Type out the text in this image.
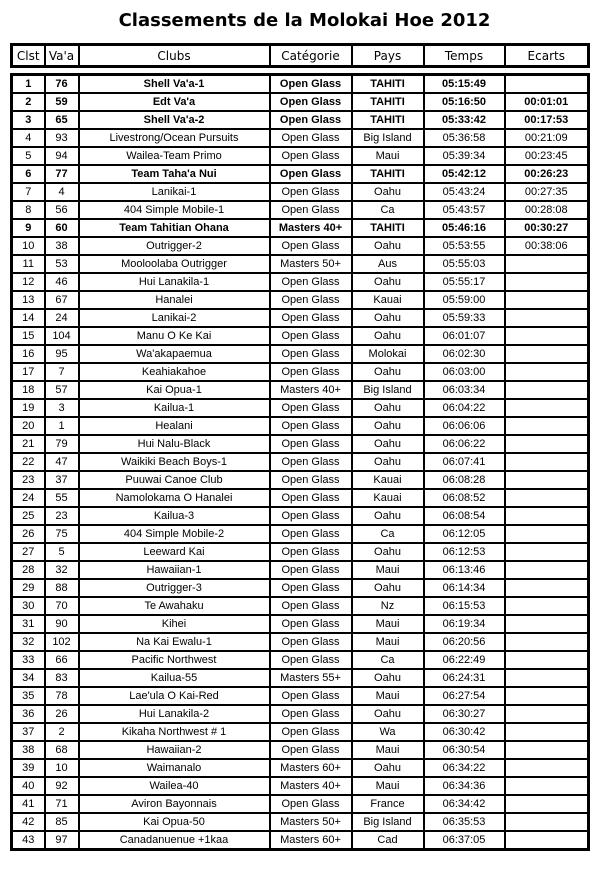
Classements de la Molokai Hoe 2012
Clst	Va'a	Clubs	Catégorie	Pays	Temps	Ecarts
1	76	Shell Va'a-1	Open Glass	TAHITI	05:15:49	
2	59	Edt Va'a	Open Glass	TAHITI	05:16:50	00:01:01
3	65	Shell Va'a-2	Open Glass	TAHITI	05:33:42	00:17:53
4	93	Livestrong/Ocean Pursuits	Open Glass	Big Island	05:36:58	00:21:09
5	94	Wailea-Team Primo	Open Glass	Maui	05:39:34	00:23:45
6	77	Team Taha'a Nui	Open Glass	TAHITI	05:42:12	00:26:23
7	4	Lanikai-1	Open Glass	Oahu	05:43:24	00:27:35
8	56	404 Simple Mobile-1	Open Glass	Ca	05:43:57	00:28:08
9	60	Team Tahitian Ohana	Masters 40+	TAHITI	05:46:16	00:30:27
10	38	Outrigger-2	Open Glass	Oahu	05:53:55	00:38:06
11	53	Mooloolaba Outrigger	Masters 50+	Aus	05:55:03	
12	46	Hui Lanakila-1	Open Glass	Oahu	05:55:17	
13	67	Hanalei	Open Glass	Kauai	05:59:00	
14	24	Lanikai-2	Open Glass	Oahu	05:59:33	
15	104	Manu O Ke Kai	Open Glass	Oahu	06:01:07	
16	95	Wa'akapaemua	Open Glass	Molokai	06:02:30	
17	7	Keahiakahoe	Open Glass	Oahu	06:03:00	
18	57	Kai Opua-1	Masters 40+	Big Island	06:03:34	
19	3	Kailua-1	Open Glass	Oahu	06:04:22	
20	1	Healani	Open Glass	Oahu	06:06:06	
21	79	Hui Nalu-Black	Open Glass	Oahu	06:06:22	
22	47	Waikiki Beach Boys-1	Open Glass	Oahu	06:07:41	
23	37	Puuwai Canoe Club	Open Glass	Kauai	06:08:28	
24	55	Namolokama O Hanalei	Open Glass	Kauai	06:08:52	
25	23	Kailua-3	Open Glass	Oahu	06:08:54	
26	75	404 Simple Mobile-2	Open Glass	Ca	06:12:05	
27	5	Leeward Kai	Open Glass	Oahu	06:12:53	
28	32	Hawaiian-1	Open Glass	Maui	06:13:46	
29	88	Outrigger-3	Open Glass	Oahu	06:14:34	
30	70	Te Awahaku	Open Glass	Nz	06:15:53	
31	90	Kihei	Open Glass	Maui	06:19:34	
32	102	Na Kai Ewalu-1	Open Glass	Maui	06:20:56	
33	66	Pacific Northwest	Open Glass	Ca	06:22:49	
34	83	Kailua-55	Masters 55+	Oahu	06:24:31	
35	78	Lae'ula O Kai-Red	Open Glass	Maui	06:27:54	
36	26	Hui Lanakila-2	Open Glass	Oahu	06:30:27	
37	2	Kikaha Northwest # 1	Open Glass	Wa	06:30:42	
38	68	Hawaiian-2	Open Glass	Maui	06:30:54	
39	10	Waimanalo	Masters 60+	Oahu	06:34:22	
40	92	Wailea-40	Masters 40+	Maui	06:34:36	
41	71	Aviron Bayonnais	Open Glass	France	06:34:42	
42	85	Kai Opua-50	Masters 50+	Big Island	06:35:53	
43	97	Canadanuenue +1kaa	Masters 60+	Cad	06:37:05	
